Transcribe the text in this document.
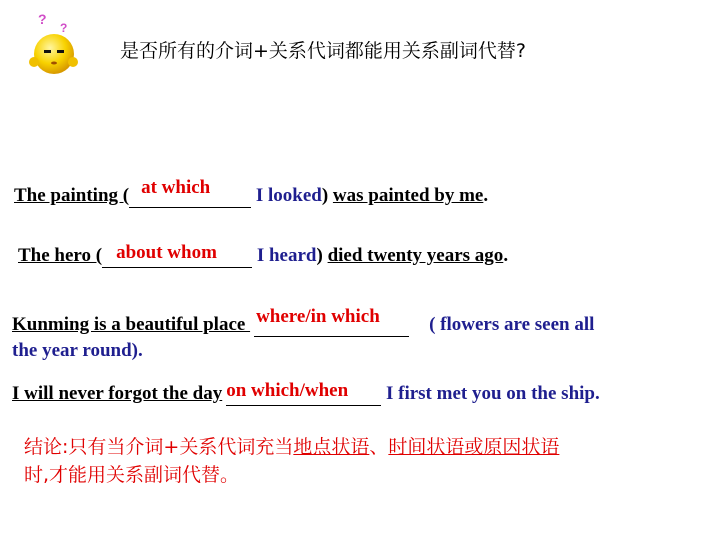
?
?
是否所有的介词+关系代词都能用关系副词代替?
The painting ( at which I looked) was painted by me.
The hero ( about whom I heard) died twenty years ago.
Kunming is a beautiful place where/in which	( flowers are seen all
the year round).
I will never forgot the day on which/when I first met you on the ship.
结论:只有当介词+关系代词充当地点状语、时间状语或原因状语
时,才能用关系副词代替。
